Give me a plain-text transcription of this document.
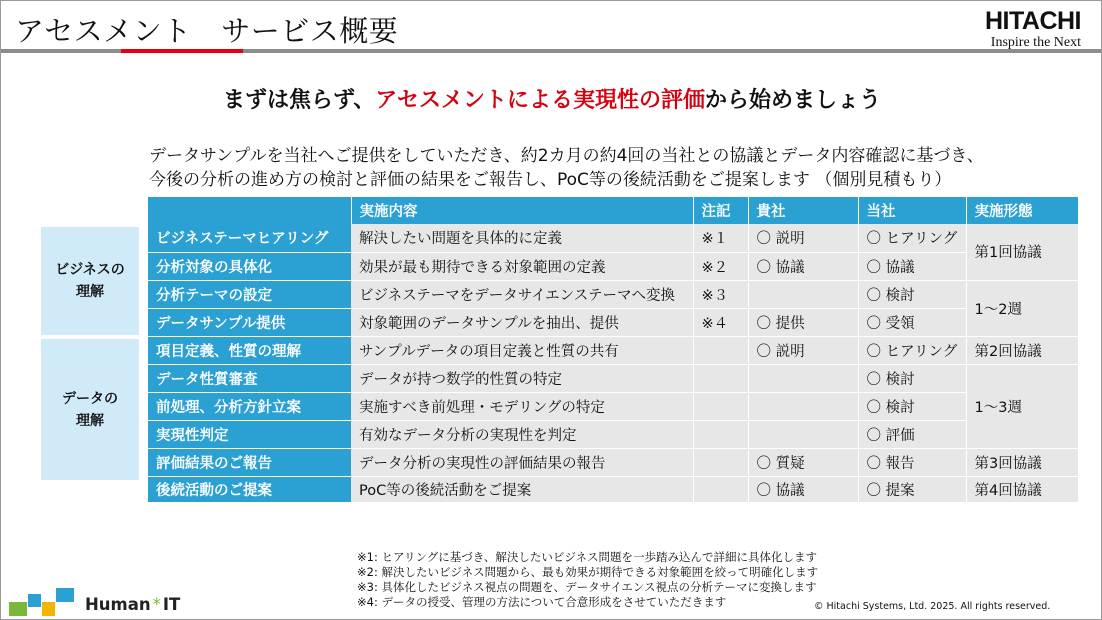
アセスメント　サービス概要	HITACHI
Inspire the Next
まずは焦らず、アセスメントによる実現性の評価から始めましょう
データサンプルを当社へご提供をしていただき、約2カ月の約4回の当社との協議とデータ内容確認に基づき、
今後の分析の進め方の検討と評価の結果をご報告し、PoC等の後続活動をご提案します （個別見積もり）
ビジネスの
理解
データの
理解
	実施内容	注記	貴社	当社	実施形態
ビジネステーマヒアリング	解決したい問題を具体的に定義	※１	〇 説明	〇 ヒアリング	第1回協議
分析対象の具体化	効果が最も期待できる対象範囲の定義	※２	〇 協議	〇 協議	
分析テーマの設定	ビジネステーマをデータサイエンステーマへ変換	※３		〇 検討	1～2週
データサンプル提供	対象範囲のデータサンプルを抽出、提供	※４	〇 提供	〇 受領	
項目定義、性質の理解	サンプルデータの項目定義と性質の共有		〇 説明	〇 ヒアリング	第2回協議
データ性質審査	データが持つ数学的性質の特定			〇 検討	1～3週
前処理、分析方針立案	実施すべき前処理・モデリングの特定			〇 検討	
実現性判定	有効なデータ分析の実現性を判定			〇 評価	
評価結果のご報告	データ分析の実現性の評価結果の報告		〇 質疑	〇 報告	第3回協議
後続活動のご提案	PoC等の後続活動をご提案		〇 協議	〇 提案	第4回協議
※1: ヒアリングに基づき、解決したいビジネス問題を一歩踏み込んで詳細に具体化します
※2: 解決したいビジネス問題から、最も効果が期待できる対象範囲を絞って明確化します
※3: 具体化したビジネス視点の問題を、データサイエンス視点の分析テーマに変換します
※4: データの授受、管理の方法について合意形成をさせていただきます	© Hitachi Systems, Ltd. 2025. All rights reserved.
Human * IT
